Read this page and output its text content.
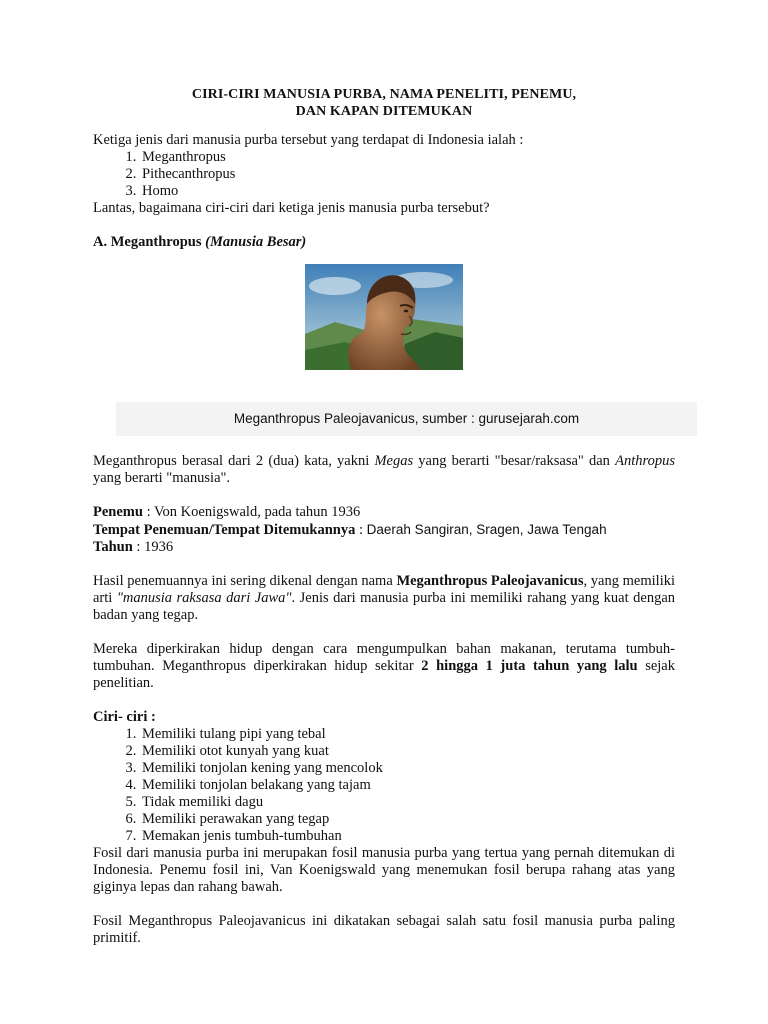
CIRI-CIRI MANUSIA PURBA, NAMA PENELITI, PENEMU,

DAN KAPAN DITEMUKAN

Ketiga jenis dari manusia purba tersebut yang terdapat di Indonesia ialah :

1. Meganthropus
2. Pithecanthropus
3. Homo

Lantas, bagaimana ciri-ciri dari ketiga jenis manusia purba tersebut?

A. Meganthropus (Manusia Besar)

Meganthropus Paleojavanicus, sumber : gurusejarah.com

Meganthropus berasal dari 2 (dua) kata, yakni Megas yang berarti "besar/raksasa" dan Anthropus yang berarti "manusia".

Penemu : Von Koenigswald, pada tahun 1936

Tempat Penemuan/Tempat Ditemukannya : Daerah Sangiran, Sragen, Jawa Tengah

Tahun : 1936

Hasil penemuannya ini sering dikenal dengan nama Meganthropus Paleojavanicus, yang memiliki arti "manusia raksasa dari Jawa". Jenis dari manusia purba ini memiliki rahang yang kuat dengan badan yang tegap.

Mereka diperkirakan hidup dengan cara mengumpulkan bahan makanan, terutama tumbuh-tumbuhan. Meganthropus diperkirakan hidup sekitar 2 hingga 1 juta tahun yang lalu sejak penelitian.

Ciri- ciri :

1. Memiliki tulang pipi yang tebal
2. Memiliki otot kunyah yang kuat
3. Memiliki tonjolan kening yang mencolok
4. Memiliki tonjolan belakang yang tajam
5. Tidak memiliki dagu
6. Memiliki perawakan yang tegap
7. Memakan jenis tumbuh-tumbuhan

Fosil dari manusia purba ini merupakan fosil manusia purba yang tertua yang pernah ditemukan di Indonesia. Penemu fosil ini, Van Koenigswald yang menemukan fosil berupa rahang atas yang giginya lepas dan rahang bawah.

Fosil Meganthropus Paleojavanicus ini dikatakan sebagai salah satu fosil manusia purba paling primitif.
